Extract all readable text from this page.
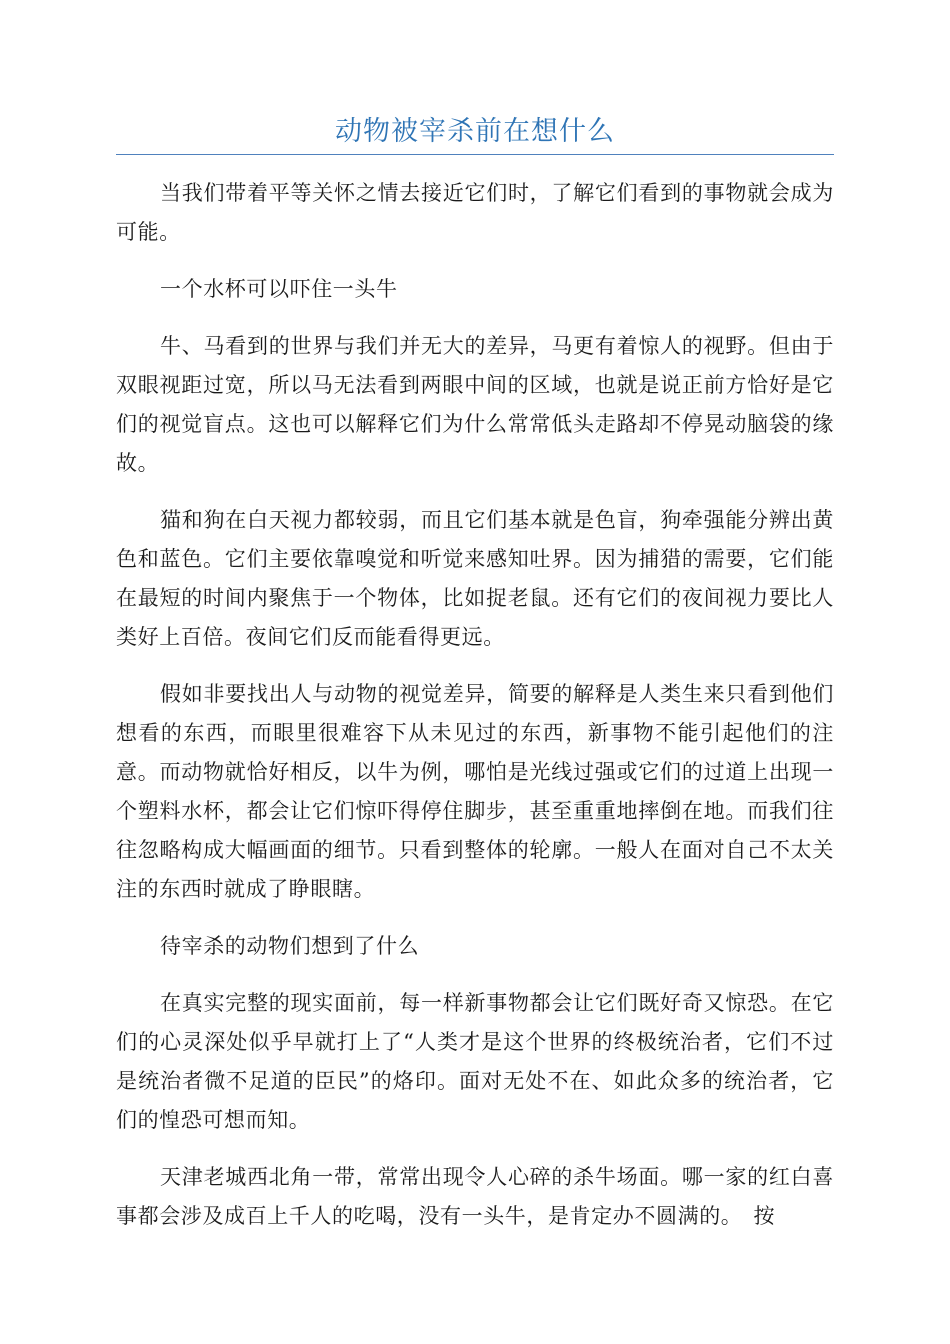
动物被宰杀前在想什么

当我们带着平等关怀之情去接近它们时，了解它们看到的事物就会成为可能。

一个水杯可以吓住一头牛

牛、马看到的世界与我们并无大的差异，马更有着惊人的视野。但由于双眼视距过宽，所以马无法看到两眼中间的区域，也就是说正前方恰好是它们的视觉盲点。这也可以解释它们为什么常常低头走路却不停晃动脑袋的缘故。

猫和狗在白天视力都较弱，而且它们基本就是色盲，狗牵强能分辨出黄色和蓝色。它们主要依靠嗅觉和听觉来感知吐界。因为捕猎的需要，它们能在最短的时间内聚焦于一个物体，比如捉老鼠。还有它们的夜间视力要比人类好上百倍。夜间它们反而能看得更远。

假如非要找出人与动物的视觉差异，简要的解释是人类生来只看到他们想看的东西，而眼里很难容下从未见过的东西，新事物不能引起他们的注意。而动物就恰好相反，以牛为例，哪怕是光线过强或它们的过道上出现一个塑料水杯，都会让它们惊吓得停住脚步，甚至重重地摔倒在地。而我们往往忽略构成大幅画面的细节。只看到整体的轮廓。一般人在面对自己不太关注的东西时就成了睁眼瞎。

待宰杀的动物们想到了什么

在真实完整的现实面前，每一样新事物都会让它们既好奇又惊恐。在它们的心灵深处似乎早就打上了“人类才是这个世界的终极统治者，它们不过是统治者微不足道的臣民”的烙印。面对无处不在、如此众多的统治者，它们的惶恐可想而知。

天津老城西北角一带，常常出现令人心碎的杀牛场面。哪一家的红白喜事都会涉及成百上千人的吃喝，没有一头牛，是肯定办不圆满的。　按
